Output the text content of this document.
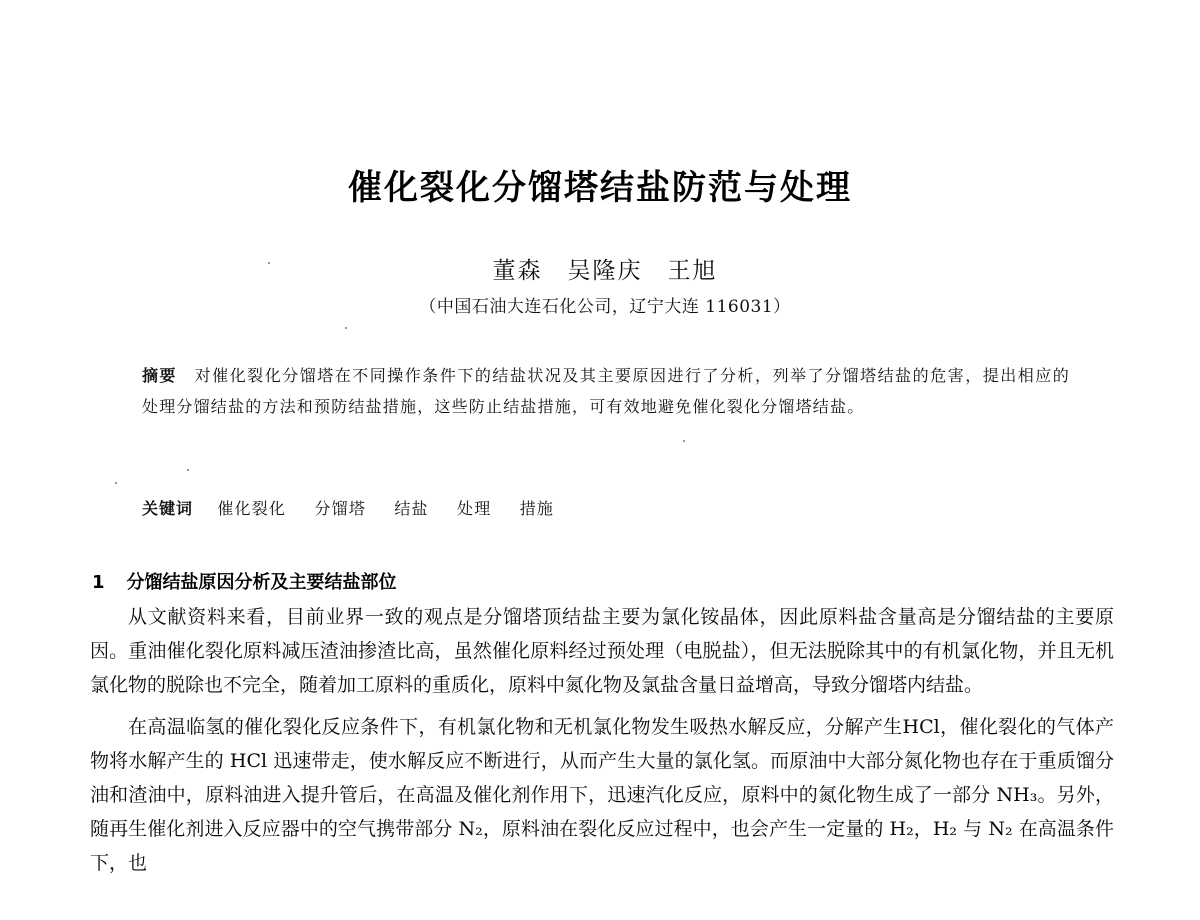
催化裂化分馏塔结盐防范与处理
董森　吴隆庆　王旭
（中国石油大连石化公司，辽宁大连 116031）
摘要 对催化裂化分馏塔在不同操作条件下的结盐状况及其主要原因进行了分析，列举了分馏塔结盐的危害，提出相应的处理分馏结盐的方法和预防结盐措施，这些防止结盐措施，可有效地避免催化裂化分馏塔结盐。
关键词 催化裂化 分馏塔 结盐 处理 措施
1 分馏结盐原因分析及主要结盐部位

从文献资料来看，目前业界一致的观点是分馏塔顶结盐主要为氯化铵晶体，因此原料盐含量高是分馏结盐的主要原因。重油催化裂化原料减压渣油掺渣比高，虽然催化原料经过预处理（电脱盐），但无法脱除其中的有机氯化物，并且无机氯化物的脱除也不完全，随着加工原料的重质化，原料中氮化物及氯盐含量日益增高，导致分馏塔内结盐。

在高温临氢的催化裂化反应条件下，有机氯化物和无机氯化物发生吸热水解反应，分解产生HCl，催化裂化的气体产物将水解产生的 HCl 迅速带走，使水解反应不断进行，从而产生大量的氯化氢。而原油中大部分氮化物也存在于重质馏分油和渣油中，原料油进入提升管后，在高温及催化剂作用下，迅速汽化反应，原料中的氮化物生成了一部分 NH₃。另外，随再生催化剂进入反应器中的空气携带部分 N₂，原料油在裂化反应过程中，也会产生一定量的 H₂，H₂ 与 N₂ 在高温条件下，也
